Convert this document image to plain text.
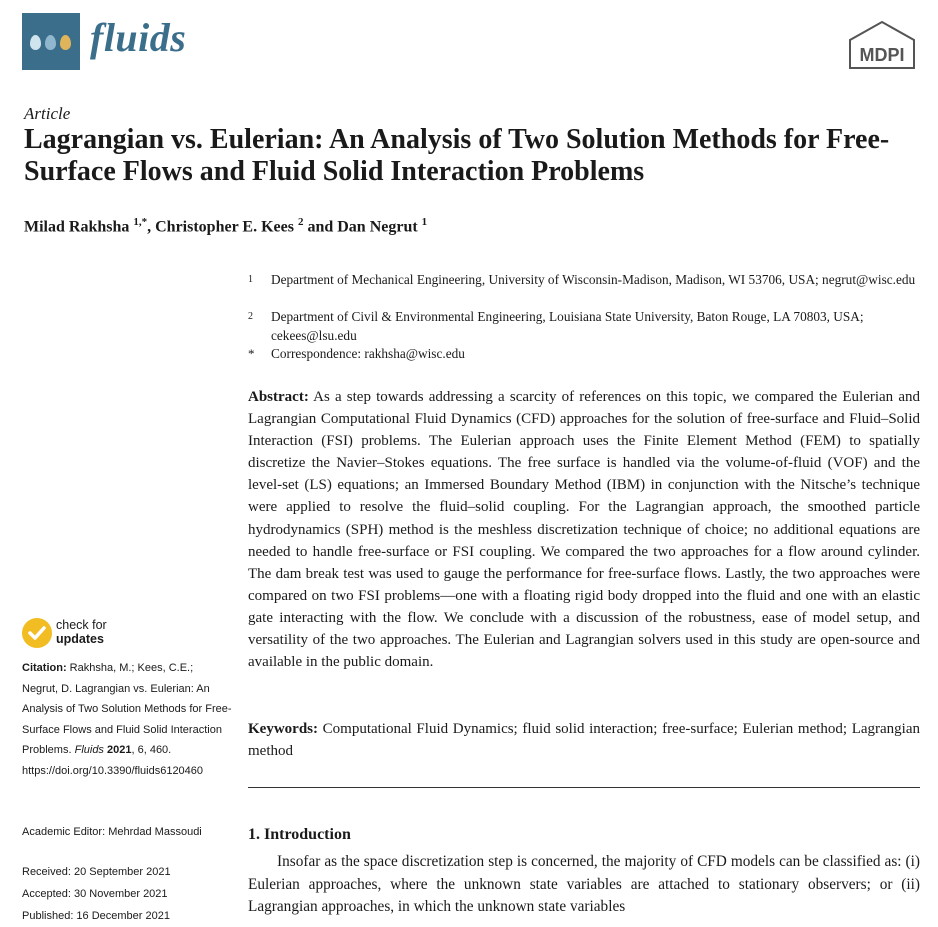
fluids	MDPI
Article
Lagrangian vs. Eulerian: An Analysis of Two Solution Methods for Free-Surface Flows and Fluid Solid Interaction Problems
Milad Rakhsha $^{1,*}$, Christopher E. Kees $^2$ and Dan Negrut $^1$
1 Department of Mechanical Engineering, University of Wisconsin-Madison, Madison, WI 53706, USA; negrut@wisc.edu
2 Department of Civil & Environmental Engineering, Louisiana State University, Baton Rouge, LA 70803, USA; cekees@lsu.edu
* Correspondence: rakhsha@wisc.edu
Abstract: As a step towards addressing a scarcity of references on this topic, we compared the Eulerian and Lagrangian Computational Fluid Dynamics (CFD) approaches for the solution of free-surface and Fluid–Solid Interaction (FSI) problems. The Eulerian approach uses the Finite Element Method (FEM) to spatially discretize the Navier–Stokes equations. The free surface is handled via the volume-of-fluid (VOF) and the level-set (LS) equations; an Immersed Boundary Method (IBM) in conjunction with the Nitsche’s technique were applied to resolve the fluid–solid coupling. For the Lagrangian approach, the smoothed particle hydrodynamics (SPH) method is the meshless discretization technique of choice; no additional equations are needed to handle free-surface or FSI coupling. We compared the two approaches for a flow around cylinder. The dam break test was used to gauge the performance for free-surface flows. Lastly, the two approaches were compared on two FSI problems—one with a floating rigid body dropped into the fluid and one with an elastic gate interacting with the flow. We conclude with a discussion of the robustness, ease of model setup, and versatility of the two approaches. The Eulerian and Lagrangian solvers used in this study are open-source and available in the public domain.
Keywords: Computational Fluid Dynamics; fluid solid interaction; free-surface; Eulerian method; Lagrangian method
1. Introduction
Insofar as the space discretization step is concerned, the majority of CFD models can be classified as: (i) Eulerian approaches, where the unknown state variables are attached to stationary observers; or (ii) Lagrangian approaches, in which the unknown state variables
check for
updates
Citation: Rakhsha, M.; Kees, C.E.; Negrut, D. Lagrangian vs. Eulerian: An Analysis of Two Solution Methods for Free-Surface Flows and Fluid Solid Interaction Problems. Fluids 2021, 6, 460. https://doi.org/10.3390/fluids6120460
Academic Editor: Mehrdad Massoudi
Received: 20 September 2021
Accepted: 30 November 2021
Published: 16 December 2021
